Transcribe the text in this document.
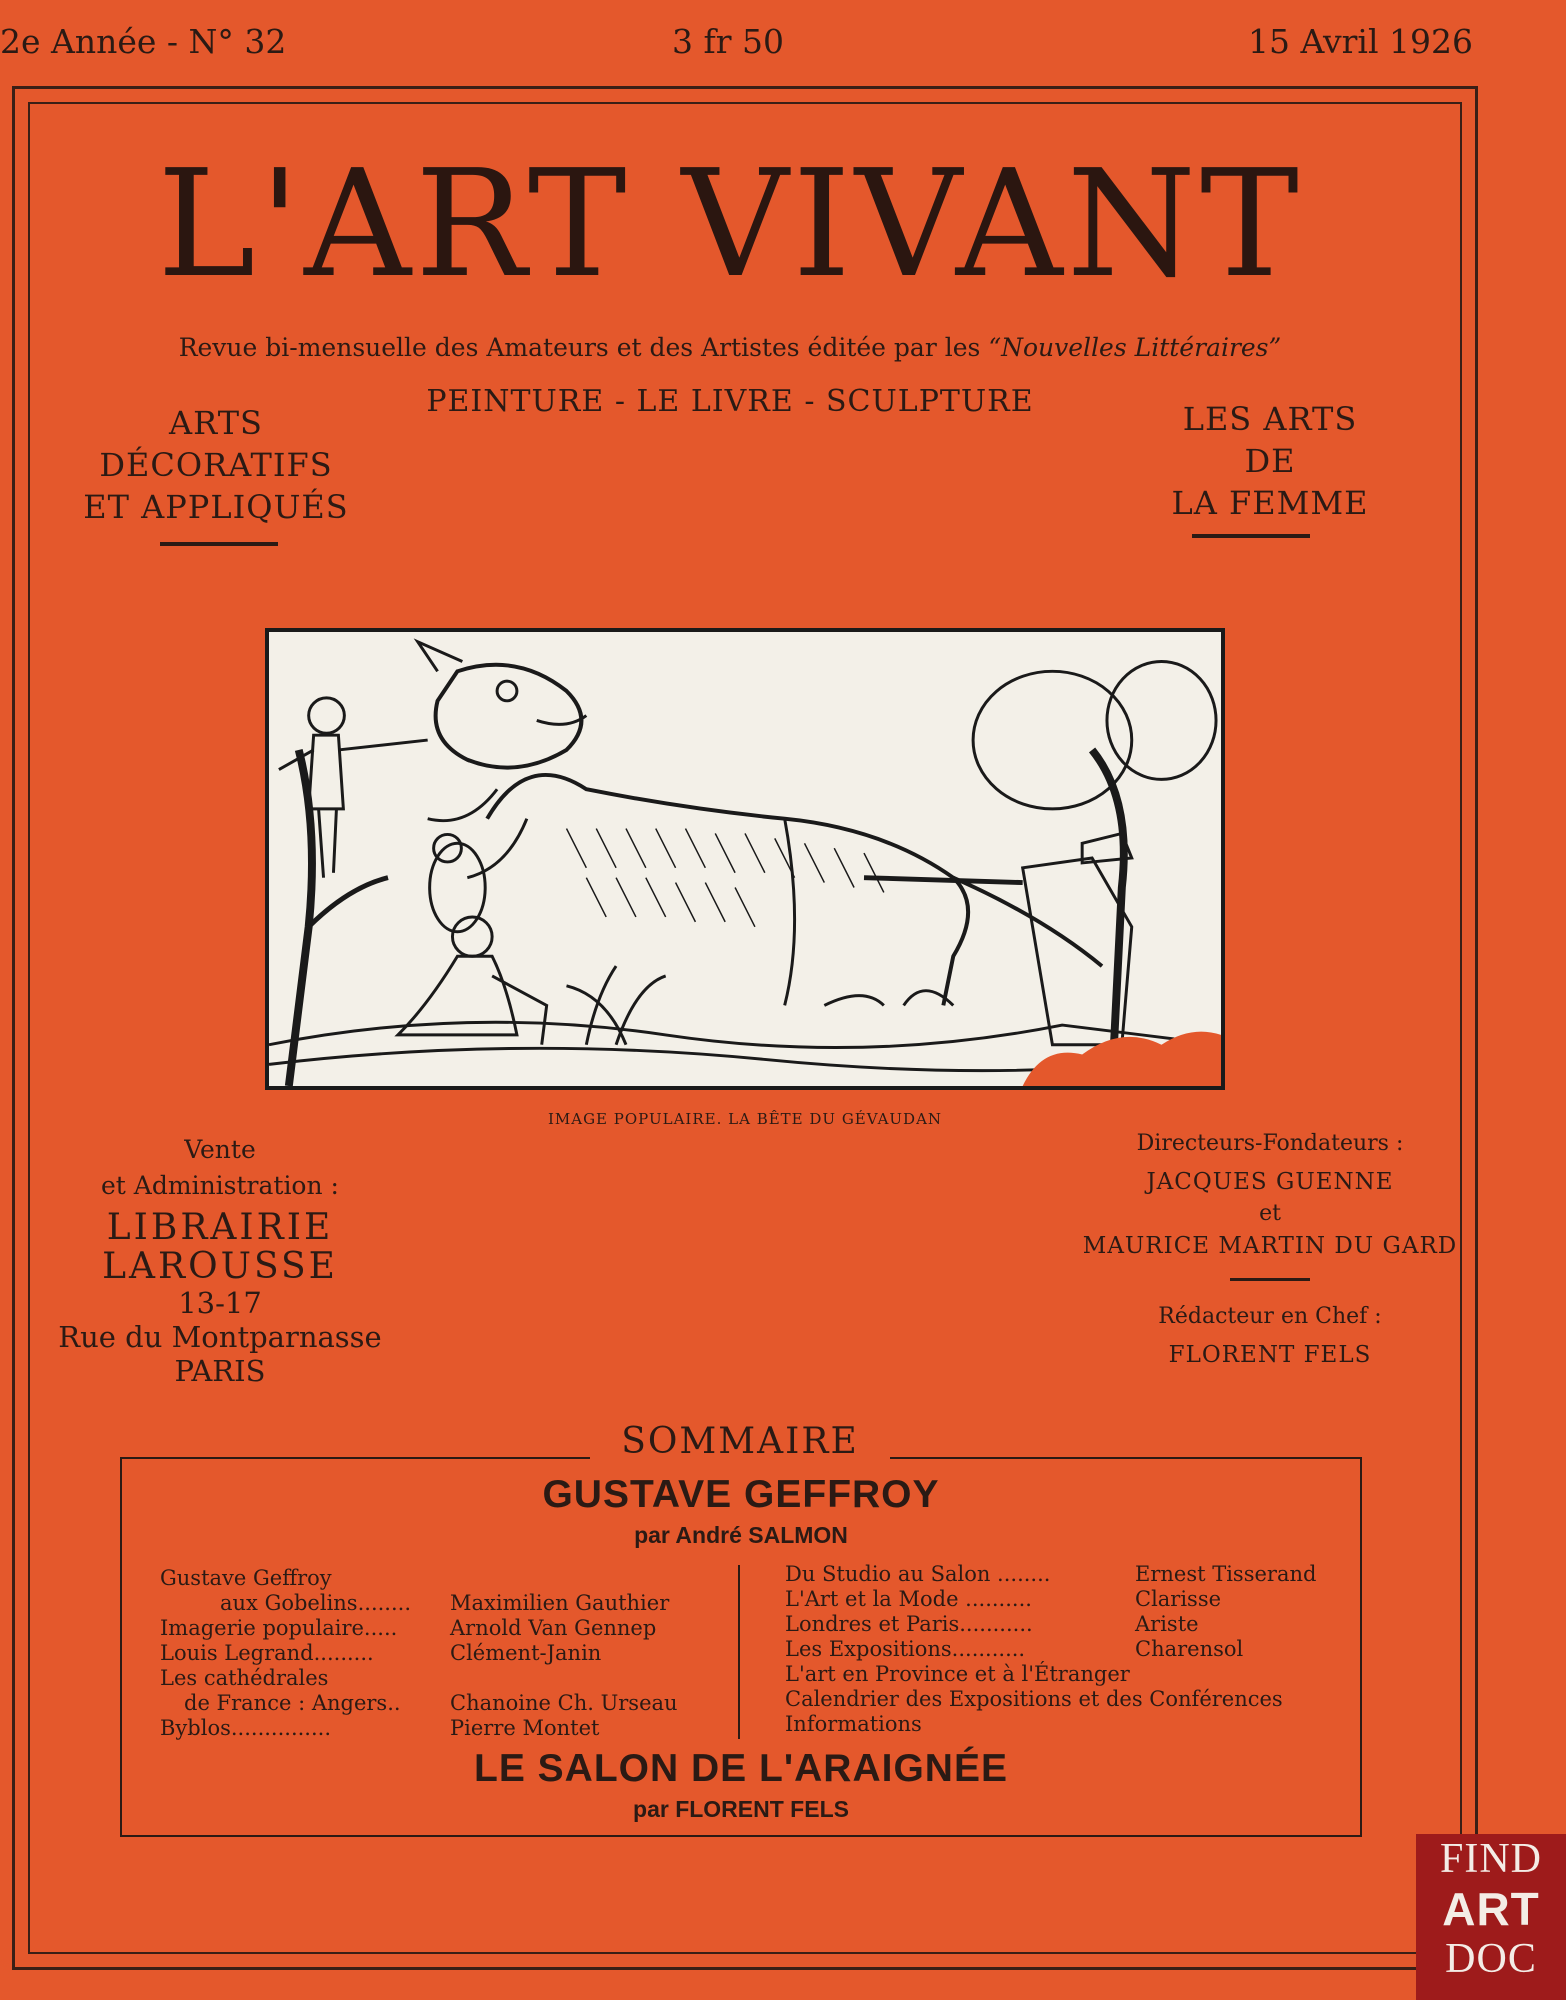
2e Année - N° 32	3 fr 50	15 Avril 1926
L'ART VIVANT
Revue bi-mensuelle des Amateurs et des Artistes éditée par les “Nouvelles Littéraires”
PEINTURE - LE LIVRE - SCULPTURE
ARTS
DÉCORATIFS
ET APPLIQUÉS
LES ARTS
DE
LA FEMME
IMAGE POPULAIRE. LA BÊTE DU GÉVAUDAN
Vente
et Administration :
LIBRAIRIE
LAROUSSE
13-17
Rue du Montparnasse
PARIS
Directeurs-Fondateurs :
JACQUES GUENNE
et
MAURICE MARTIN DU GARD
Rédacteur en Chef :
FLORENT FELS
SOMMAIRE
GUSTAVE GEFFROY
par André SALMON
Gustave Geffroy
aux Gobelins........ Maximilien Gauthier
Imagerie populaire.....	Arnold Van Gennep
Louis Legrand.........	Clément-Janin
Les cathédrales
de France : Angers.. Chanoine Ch. Urseau
Byblos...............	Pierre Montet
Du Studio au Salon ........	Ernest Tisserand
L'Art et la Mode ..........	Clarisse
Londres et Paris...........	Ariste
Les Expositions...........	Charensol
L'art en Province et à l'Étranger
Calendrier des Expositions et des Conférences
Informations
LE SALON DE L'ARAIGNÉE
par FLORENT FELS
FIND
ART
DOC
